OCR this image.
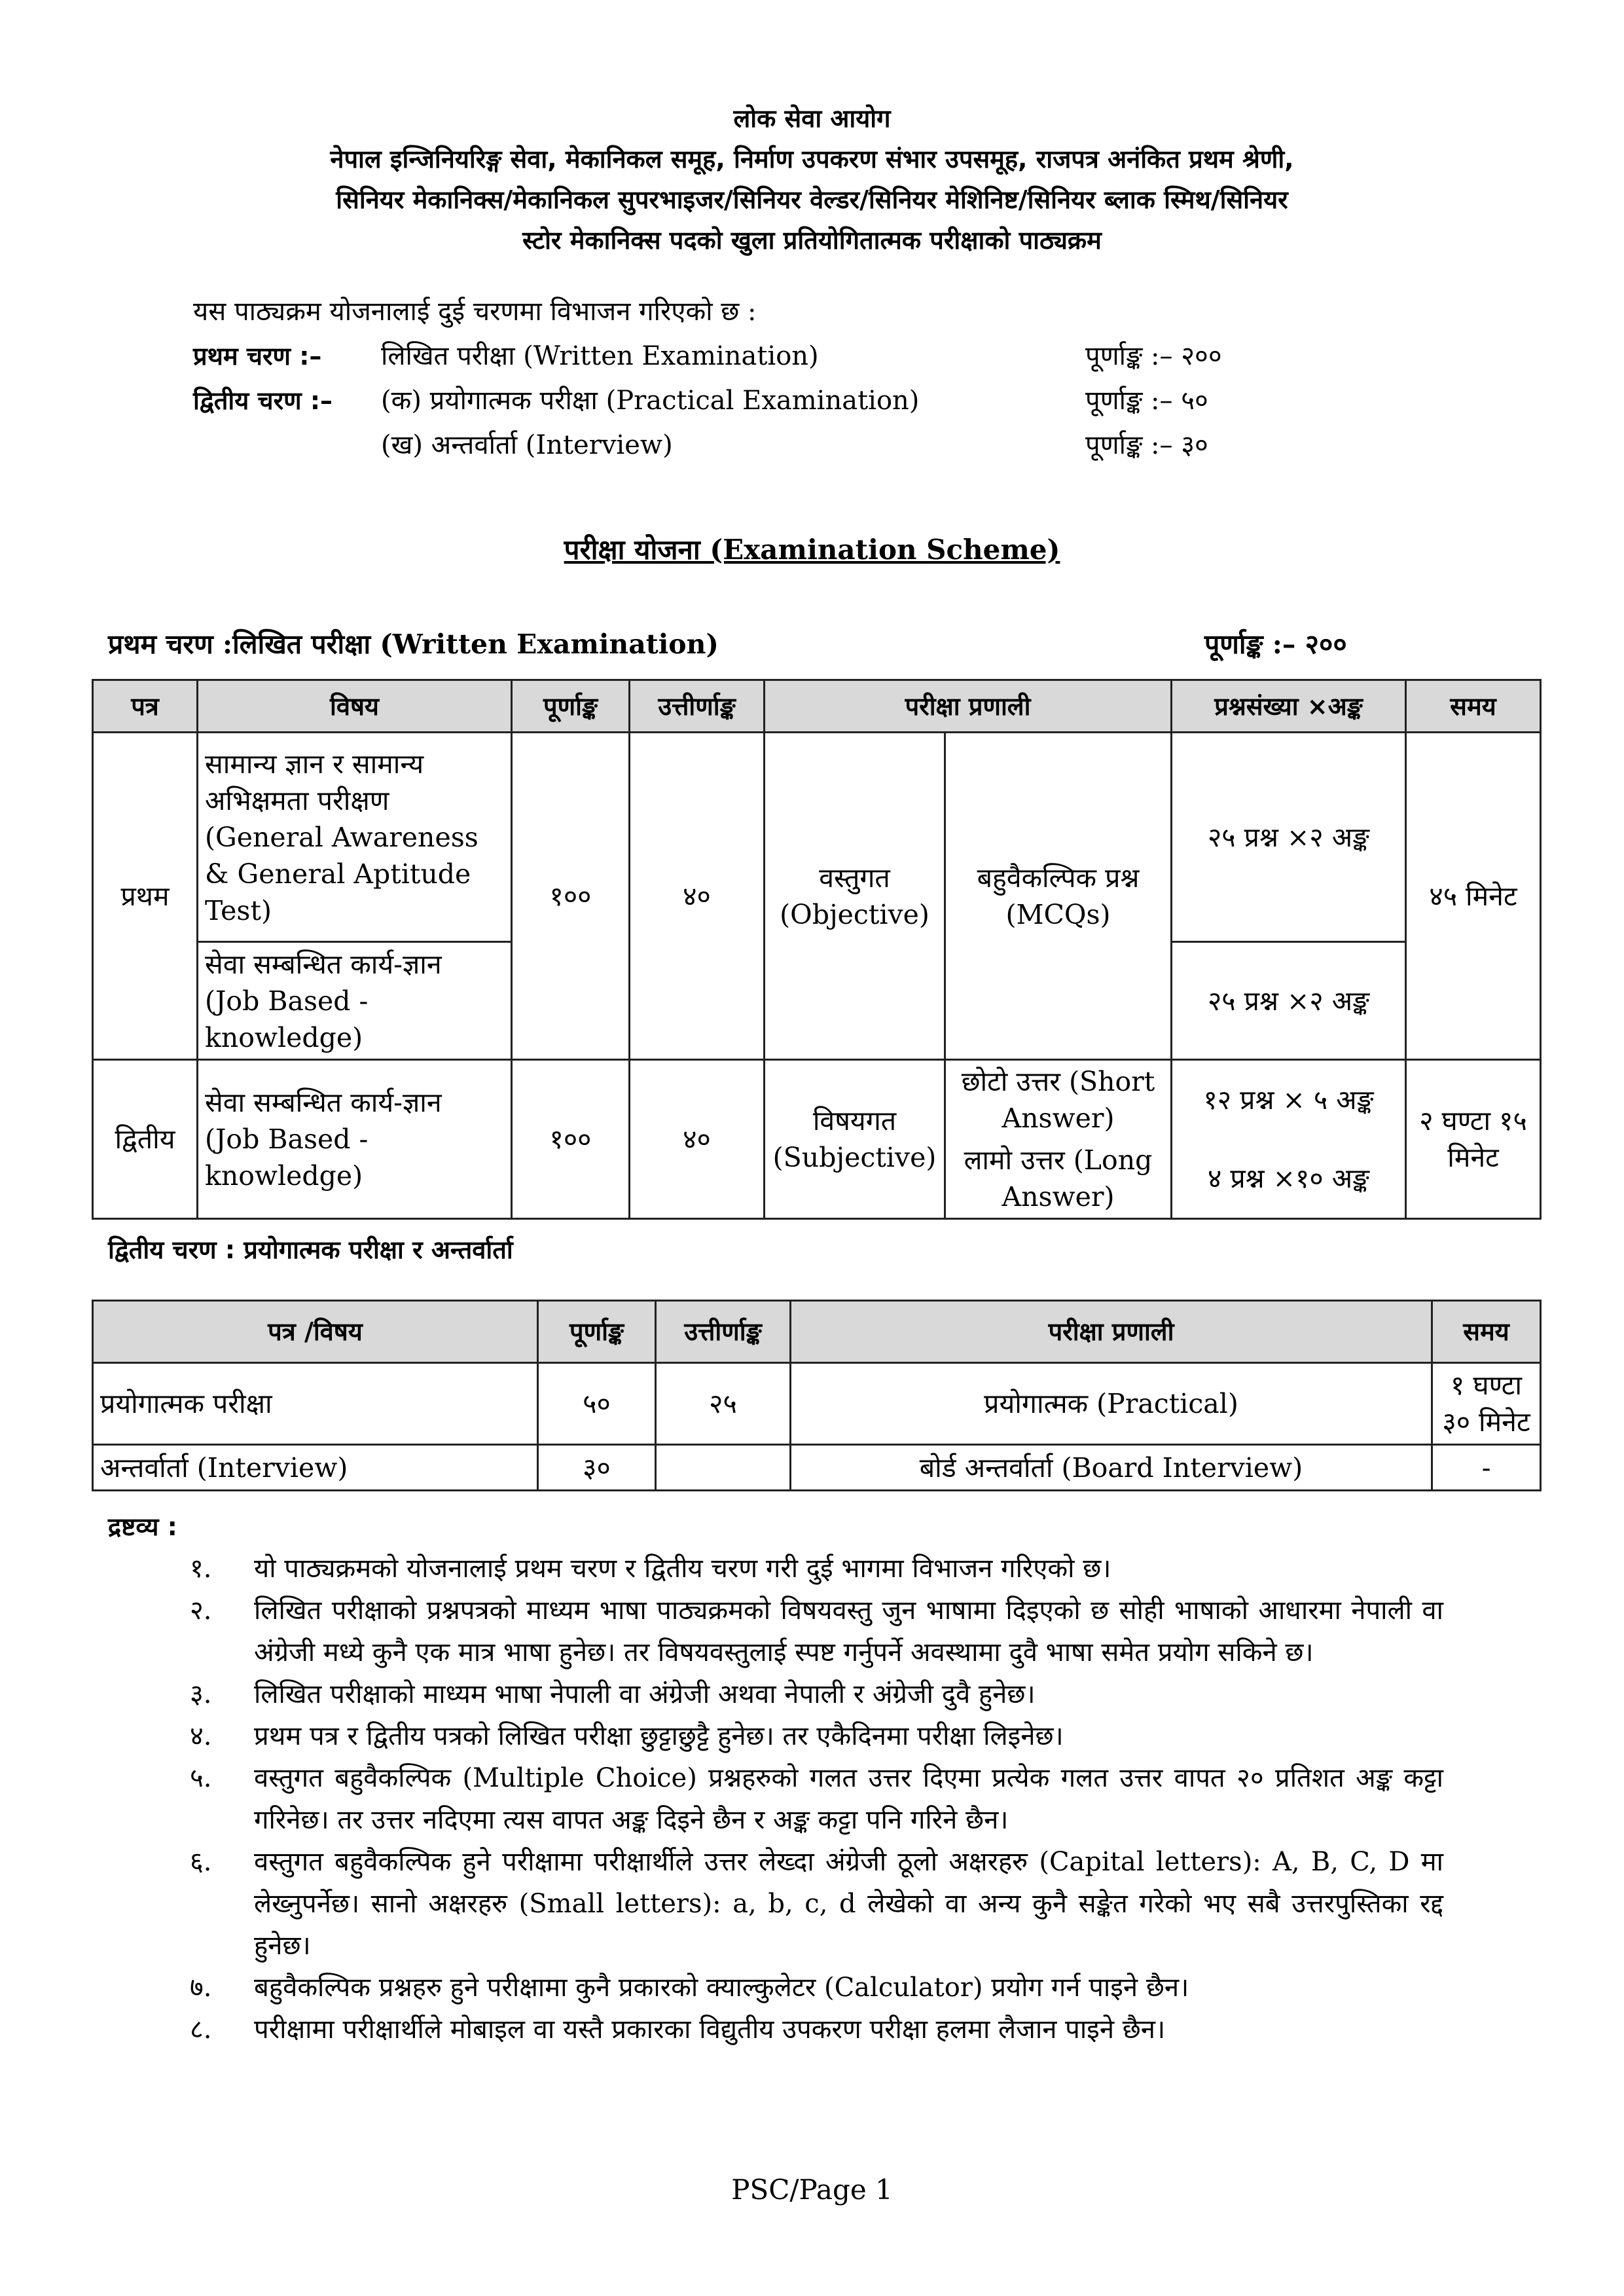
लोक सेवा आयोग
नेपाल इन्जिनियरिङ्ग सेवा, मेकानिकल समूह, निर्माण उपकरण संभार उपसमूह, राजपत्र अनंकित प्रथम श्रेणी,
सिनियर मेकानिक्स/मेकानिकल सुपरभाइजर/सिनियर वेल्डर/सिनियर मेशिनिष्ट/सिनियर ब्लाक स्मिथ/सिनियर
स्टोर मेकानिक्स पदको खुला प्रतियोगितात्मक परीक्षाको पाठ्यक्रम
यस पाठ्यक्रम योजनालाई दुई चरणमा विभाजन गरिएको छ :
प्रथम चरण :– लिखित परीक्षा (Written Examination)	पूर्णाङ्क :– २००
द्वितीय चरण :– (क) प्रयोगात्मक परीक्षा (Practical Examination)	पूर्णाङ्क :– ५०
(ख) अन्तर्वार्ता (Interview)	पूर्णाङ्क :– ३०
परीक्षा योजना (Examination Scheme)
प्रथम चरण :लिखित परीक्षा (Written Examination)	पूर्णाङ्क :– २००
पत्र	विषय	पूर्णाङ्क	उत्तीर्णाङ्क	परीक्षा प्रणाली		प्रश्नसंख्या ×अङ्क	समय
प्रथम	सामान्य ज्ञान र सामान्य अभिक्षमता परीक्षण (General Awareness & General Aptitude Test)	१००	४०	वस्तुगत (Objective)	बहुवैकल्पिक प्रश्न (MCQs)	२५ प्रश्न ×२ अङ्क	४५ मिनेट
	सेवा सम्बन्धित कार्य-ज्ञान (Job Based - knowledge)					२५ प्रश्न ×२ अङ्क	
द्वितीय	सेवा सम्बन्धित कार्य-ज्ञान (Job Based - knowledge)	१००	४०	विषयगत (Subjective)	छोटो उत्तर (Short Answer)	१२ प्रश्न × ५ अङ्क	२ घण्टा १५ मिनेट
					लामो उत्तर (Long Answer)	४ प्रश्न ×१० अङ्क	
द्वितीय चरण : प्रयोगात्मक परीक्षा र अन्तर्वार्ता
पत्र /विषय	पूर्णाङ्क	उत्तीर्णाङ्क	परीक्षा प्रणाली	समय
प्रयोगात्मक परीक्षा	५०	२५	प्रयोगात्मक (Practical)	१ घण्टा ३० मिनेट
अन्तर्वार्ता (Interview)	३०		बोर्ड अन्तर्वार्ता (Board Interview)	-
द्रष्टव्य :
१. यो पाठ्यक्रमको योजनालाई प्रथम चरण र द्वितीय चरण गरी दुई भागमा विभाजन गरिएको छ।
२. लिखित परीक्षाको प्रश्नपत्रको माध्यम भाषा पाठ्यक्रमको विषयवस्तु जुन भाषामा दिइएको छ सोही भाषाको आधारमा नेपाली वा अंग्रेजी मध्ये कुनै एक मात्र भाषा हुनेछ। तर विषयवस्तुलाई स्पष्ट गर्नुपर्ने अवस्थामा दुवै भाषा समेत प्रयोग सकिने छ।
३. लिखित परीक्षाको माध्यम भाषा नेपाली वा अंग्रेजी अथवा नेपाली र अंग्रेजी दुवै हुनेछ।
४. प्रथम पत्र र द्वितीय पत्रको लिखित परीक्षा छुट्टाछुट्टै हुनेछ। तर एकैदिनमा परीक्षा लिइनेछ।
५. वस्तुगत बहुवैकल्पिक (Multiple Choice) प्रश्नहरुको गलत उत्तर दिएमा प्रत्येक गलत उत्तर वापत २० प्रतिशत अङ्क कट्टा गरिनेछ। तर उत्तर नदिएमा त्यस वापत अङ्क दिइने छैन र अङ्क कट्टा पनि गरिने छैन।
६. वस्तुगत बहुवैकल्पिक हुने परीक्षामा परीक्षार्थीले उत्तर लेख्दा अंग्रेजी ठूलो अक्षरहरु (Capital letters): A, B, C, D मा लेख्नुपर्नेछ। सानो अक्षरहरु (Small letters): a, b, c, d लेखेको वा अन्य कुनै सङ्केत गरेको भए सबै उत्तरपुस्तिका रद्द हुनेछ।
७. बहुवैकल्पिक प्रश्नहरु हुने परीक्षामा कुनै प्रकारको क्याल्कुलेटर (Calculator) प्रयोग गर्न पाइने छैन।
८. परीक्षामा परीक्षार्थीले मोबाइल वा यस्तै प्रकारका विद्युतीय उपकरण परीक्षा हलमा लैजान पाइने छैन।
PSC/Page 1
